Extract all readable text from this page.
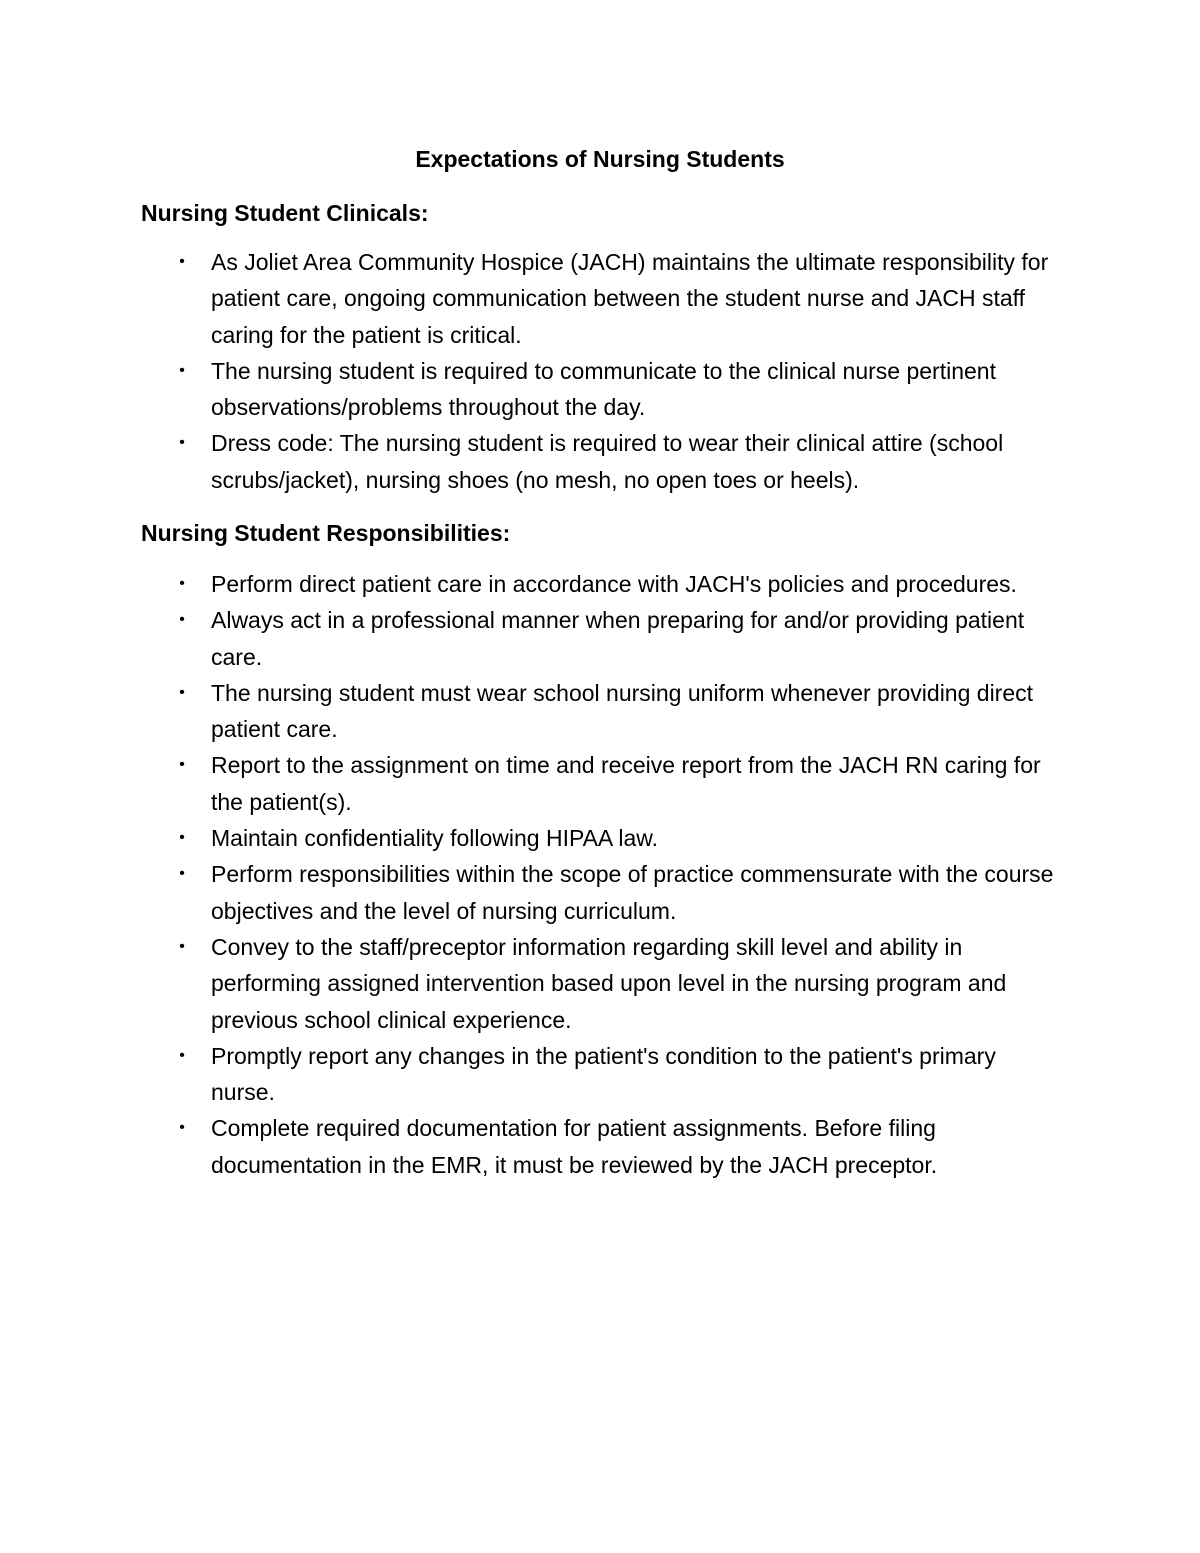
Expectations of Nursing Students
Nursing Student Clinicals:
•	As Joliet Area Community Hospice (JACH) maintains the ultimate responsibility for patient care, ongoing communication between the student nurse and JACH staff caring for the patient is critical.
•	The nursing student is required to communicate to the clinical nurse pertinent observations/problems throughout the day.
•	Dress code: The nursing student is required to wear their clinical attire (school scrubs/jacket), nursing shoes (no mesh, no open toes or heels).
Nursing Student Responsibilities:
•	Perform direct patient care in accordance with JACH's policies and procedures.
•	Always act in a professional manner when preparing for and/or providing patient care.
•	The nursing student must wear school nursing uniform whenever providing direct patient care.
•	Report to the assignment on time and receive report from the JACH RN caring for the patient(s).
•	Maintain confidentiality following HIPAA law.
•	Perform responsibilities within the scope of practice commensurate with the course objectives and the level of nursing curriculum.
•	Convey to the staff/preceptor information regarding skill level and ability in performing assigned intervention based upon level in the nursing program and previous school clinical experience.
•	Promptly report any changes in the patient's condition to the patient's primary nurse.
•	Complete required documentation for patient assignments. Before filing documentation in the EMR, it must be reviewed by the JACH preceptor.
